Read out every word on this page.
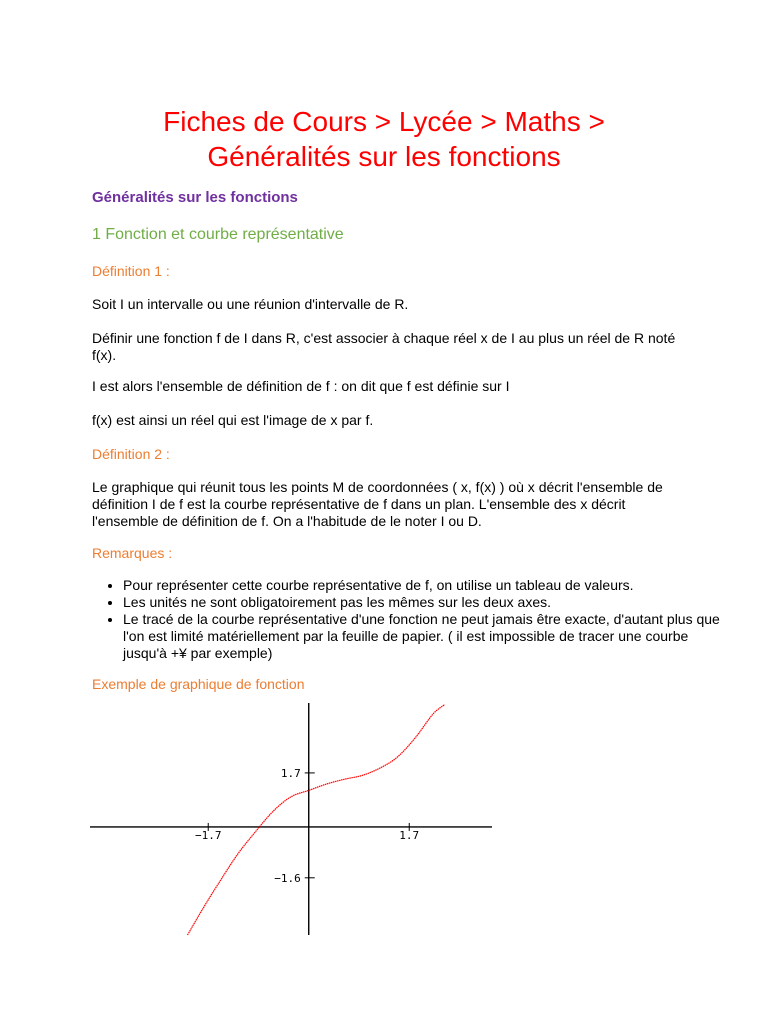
Fiches de Cours > Lycée > Maths >
Généralités sur les fonctions
Généralités sur les fonctions
1 Fonction et courbe représentative

Définition 1 :

Soit I un intervalle ou une réunion d'intervalle de R.

Définir une fonction f de I dans R, c'est associer à chaque réel x de I au plus un réel de R noté f(x).

I est alors l'ensemble de définition de f : on dit que f est définie sur I

f(x) est ainsi un réel qui est l'image de x par f.

Définition 2 :

Le graphique qui réunit tous les points M de coordonnées ( x, f(x) ) où x décrit l'ensemble de définition I de f est la courbe représentative de f dans un plan. L'ensemble des x décrit l'ensemble de définition de f. On a l'habitude de le noter I ou D.

Remarques :

• Pour représenter cette courbe représentative de f, on utilise un tableau de valeurs.
• Les unités ne sont obligatoirement pas les mêmes sur les deux axes.
• Le tracé de la courbe représentative d'une fonction ne peut jamais être exacte, d'autant plus que l'on est limité matériellement par la feuille de papier. ( il est impossible de tracer une courbe jusqu'à +¥ par exemple)

Exemple de graphique de fonction

−1.7	1.7
1.7
−1.6
